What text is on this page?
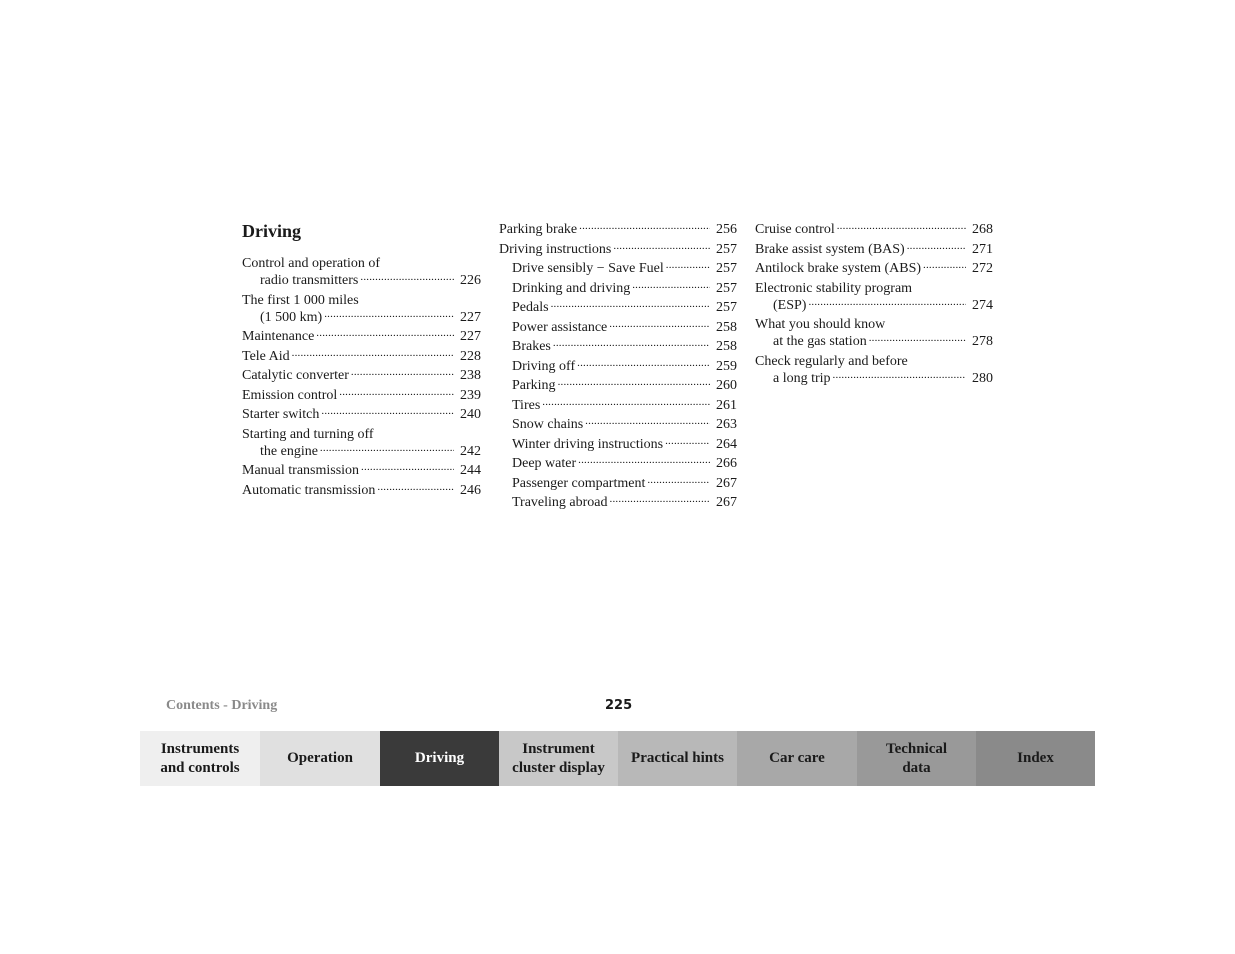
Driving
Control and operation of
radio transmitters .....	226
The first 1 000 miles
(1 500 km) .....	227
Maintenance .....	227
Tele Aid .....	228
Catalytic converter .....	238
Emission control .....	239
Starter switch .....	240
Starting and turning off
the engine .....	242
Manual transmission .....	244
Automatic transmission .....	246
Parking brake .....	256
Driving instructions .....	257
Drive sensibly − Save Fuel .....	257
Drinking and driving .....	257
Pedals .....	257
Power assistance .....	258
Brakes .....	258
Driving off .....	259
Parking .....	260
Tires .....	261
Snow chains .....	263
Winter driving instructions .....	264
Deep water .....	266
Passenger compartment .....	267
Traveling abroad .....	267
Cruise control .....	268
Brake assist system (BAS) .....	271
Antilock brake system (ABS) .....	272
Electronic stability program
(ESP) .....	274
What you should know
at the gas station .....	278
Check regularly and before
a long trip .....	280
Contents - Driving	225
Instruments
and controls
Operation	Driving
Instrument
cluster display
Practical hints	Car care
Technical
data
Index
